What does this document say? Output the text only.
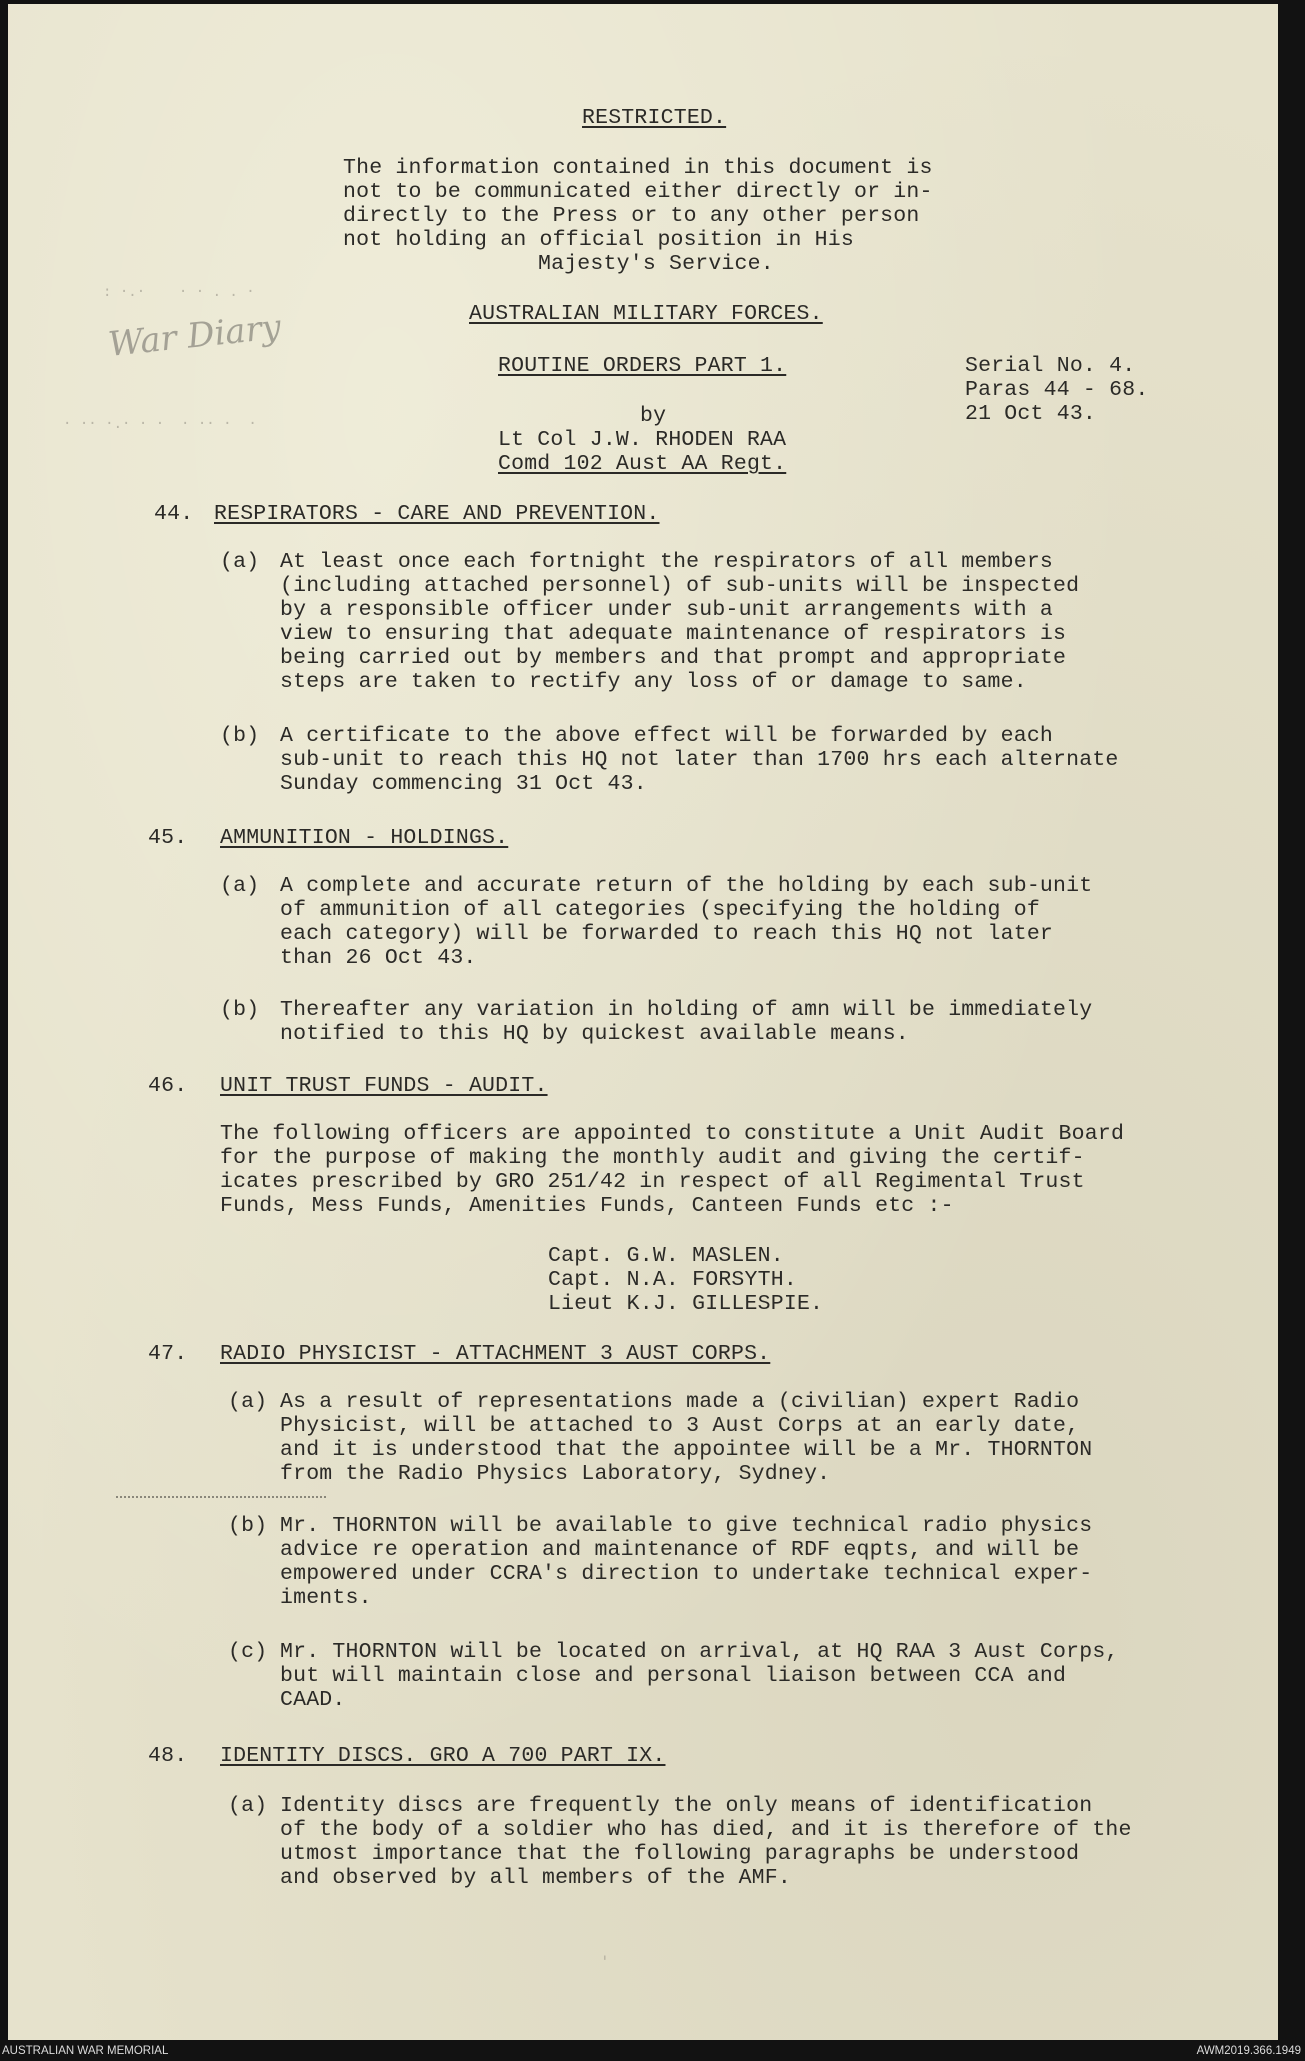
RESTRICTED.
The information contained in this document is
not to be communicated either directly or in-
directly to the Press or to any other person
not holding an official position in His
Majesty's Service.
AUSTRALIAN MILITARY FORCES.
War Diary
: ·.·    · · . . ·
· ·· ·.· · ·  · ·· ·  ·
ROUTINE ORDERS PART 1.	Serial No. 4.
Paras 44 - 68.
21 Oct 43.
by
Lt Col J.W. RHODEN RAA
Comd 102 Aust AA Regt.
44. RESPIRATORS - CARE AND PREVENTION.
(a) At least once each fortnight the respirators of all members
(including attached personnel) of sub-units will be inspected
by a responsible officer under sub-unit arrangements with a
view to ensuring that adequate maintenance of respirators is
being carried out by members and that prompt and appropriate
steps are taken to rectify any loss of or damage to same.
(b) A certificate to the above effect will be forwarded by each
sub-unit to reach this HQ not later than 1700 hrs each alternate
Sunday commencing 31 Oct 43.
45. AMMUNITION - HOLDINGS.
(a) A complete and accurate return of the holding by each sub-unit
of ammunition of all categories (specifying the holding of
each category) will be forwarded to reach this HQ not later
than 26 Oct 43.
(b) Thereafter any variation in holding of amn will be immediately
notified to this HQ by quickest available means.
46. UNIT TRUST FUNDS - AUDIT.
The following officers are appointed to constitute a Unit Audit Board
for the purpose of making the monthly audit and giving the certif-
icates prescribed by GRO 251/42 in respect of all Regimental Trust
Funds, Mess Funds, Amenities Funds, Canteen Funds etc :-
Capt. G.W. MASLEN.
Capt. N.A. FORSYTH.
Lieut K.J. GILLESPIE.
47. RADIO PHYSICIST - ATTACHMENT 3 AUST CORPS.
(a) As a result of representations made a (civilian) expert Radio
Physicist, will be attached to 3 Aust Corps at an early date,
and it is understood that the appointee will be a Mr. THORNTON
from the Radio Physics Laboratory, Sydney.
(b) Mr. THORNTON will be available to give technical radio physics
advice re operation and maintenance of RDF eqpts, and will be
empowered under CCRA's direction to undertake technical exper-
iments.
(c) Mr. THORNTON will be located on arrival, at HQ RAA 3 Aust Corps,
but will maintain close and personal liaison between CCA and
CAAD.
48. IDENTITY DISCS. GRO A 700 PART IX.
(a) Identity discs are frequently the only means of identification
of the body of a soldier who has died, and it is therefore of the
utmost importance that the following paragraphs be understood
and observed by all members of the AMF.
'
AUSTRALIAN WAR MEMORIAL	AWM2019.366.1949
